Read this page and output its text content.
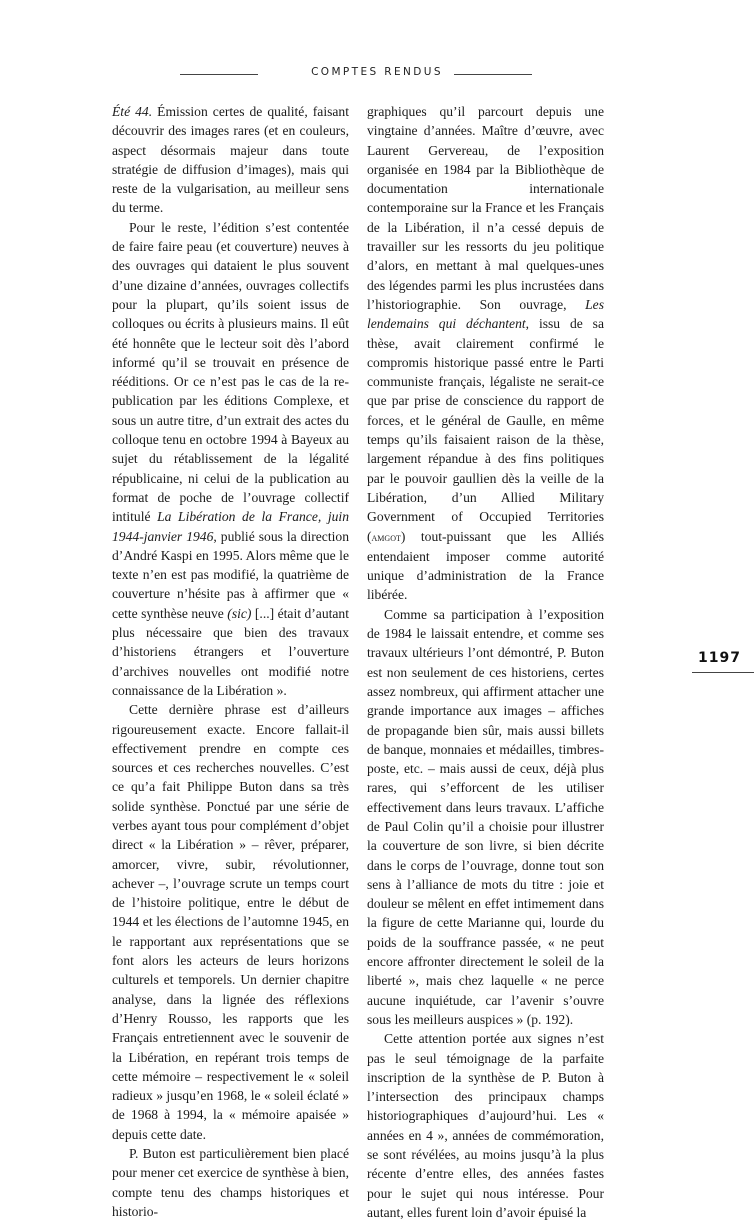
COMPTES RENDUS

Été 44. Émission certes de qualité, faisant découvrir des images rares (et en couleurs, aspect désormais majeur dans toute stratégie de diffusion d’images), mais qui reste de la vulgarisation, au meilleur sens du terme.

Pour le reste, l’édition s’est contentée de faire faire peau (et couverture) neuves à des ouvrages qui dataient le plus souvent d’une dizaine d’années, ouvrages collectifs pour la plupart, qu’ils soient issus de colloques ou écrits à plusieurs mains. Il eût été honnête que le lecteur soit dès l’abord informé qu’il se trouvait en présence de rééditions. Or ce n’est pas le cas de la re-publication par les éditions Complexe, et sous un autre titre, d’un extrait des actes du colloque tenu en octobre 1994 à Bayeux au sujet du rétablissement de la légalité républicaine, ni celui de la publication au format de poche de l’ouvrage collectif intitulé La Libération de la France, juin 1944-janvier 1946, publié sous la direction d’André Kaspi en 1995. Alors même que le texte n’en est pas modifié, la quatrième de couverture n’hésite pas à affirmer que « cette synthèse neuve (sic) [...] était d’autant plus nécessaire que bien des travaux d’historiens étrangers et l’ouverture d’archives nouvelles ont modifié notre connaissance de la Libération ».

Cette dernière phrase est d’ailleurs rigoureusement exacte. Encore fallait-il effectivement prendre en compte ces sources et ces recherches nouvelles. C’est ce qu’a fait Philippe Buton dans sa très solide synthèse. Ponctué par une série de verbes ayant tous pour complément d’objet direct « la Libération » – rêver, préparer, amorcer, vivre, subir, révolutionner, achever –, l’ouvrage scrute un temps court de l’histoire politique, entre le début de 1944 et les élections de l’automne 1945, en le rapportant aux représentations que se font alors les acteurs de leurs horizons culturels et temporels. Un dernier chapitre analyse, dans la lignée des réflexions d’Henry Rousso, les rapports que les Français entretiennent avec le souvenir de la Libération, en repérant trois temps de cette mémoire – respectivement le « soleil radieux » jusqu’en 1968, le « soleil éclaté » de 1968 à 1994, la « mémoire apaisée » depuis cette date.

P. Buton est particulièrement bien placé pour mener cet exercice de synthèse à bien, compte tenu des champs historiques et historio-

graphiques qu’il parcourt depuis une vingtaine d’années. Maître d’œuvre, avec Laurent Gervereau, de l’exposition organisée en 1984 par la Bibliothèque de documentation internationale contemporaine sur la France et les Français de la Libération, il n’a cessé depuis de travailler sur les ressorts du jeu politique d’alors, en mettant à mal quelques-unes des légendes parmi les plus incrustées dans l’historiographie. Son ouvrage, Les lendemains qui déchantent, issu de sa thèse, avait clairement confirmé le compromis historique passé entre le Parti communiste français, légaliste ne serait-ce que par prise de conscience du rapport de forces, et le général de Gaulle, en même temps qu’ils faisaient raison de la thèse, largement répandue à des fins politiques par le pouvoir gaullien dès la veille de la Libération, d’un Allied Military Government of Occupied Territories (amgot) tout-puissant que les Alliés entendaient imposer comme autorité unique d’administration de la France libérée.

Comme sa participation à l’exposition de 1984 le laissait entendre, et comme ses travaux ultérieurs l’ont démontré, P. Buton est non seulement de ces historiens, certes assez nombreux, qui affirment attacher une grande importance aux images – affiches de propagande bien sûr, mais aussi billets de banque, monnaies et médailles, timbres-poste, etc. – mais aussi de ceux, déjà plus rares, qui s’efforcent de les utiliser effectivement dans leurs travaux. L’affiche de Paul Colin qu’il a choisie pour illustrer la couverture de son livre, si bien décrite dans le corps de l’ouvrage, donne tout son sens à l’alliance de mots du titre : joie et douleur se mêlent en effet intimement dans la figure de cette Marianne qui, lourde du poids de la souffrance passée, « ne peut encore affronter directement le soleil de la liberté », mais chez laquelle « ne perce aucune inquiétude, car l’avenir s’ouvre sous les meilleurs auspices » (p. 192).

Cette attention portée aux signes n’est pas le seul témoignage de la parfaite inscription de la synthèse de P. Buton à l’intersection des principaux champs historiographiques d’aujourd’hui. Les « années en 4 », années de commémoration, se sont révélées, au moins jusqu’à la plus récente d’entre elles, des années fastes pour le sujet qui nous intéresse. Pour autant, elles furent loin d’avoir épuisé la

1197
